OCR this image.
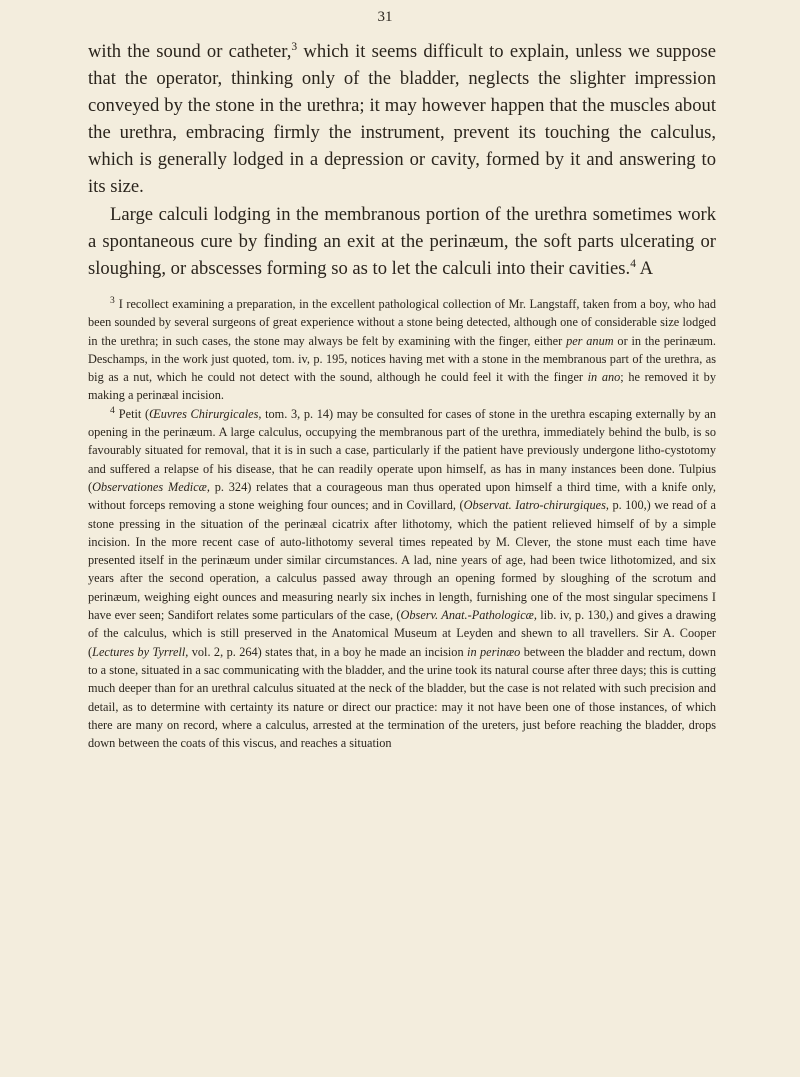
31

with the sound or catheter,$^3$ which it seems difficult to explain, unless we suppose that the operator, thinking only of the bladder, neglects the slighter impression conveyed by the stone in the urethra; it may however happen that the muscles about the urethra, embracing firmly the instrument, prevent its touching the calculus, which is generally lodged in a depression or cavity, formed by it and answering to its size.

Large calculi lodging in the membranous portion of the urethra sometimes work a spontaneous cure by finding an exit at the perinæum, the soft parts ulcerating or sloughing, or abscesses forming so as to let the calculi into their cavities.$^4$ A

$^3$ I recollect examining a preparation, in the excellent pathological collection of Mr. Langstaff, taken from a boy, who had been sounded by several surgeons of great experience without a stone being detected, although one of considerable size lodged in the urethra; in such cases, the stone may always be felt by examining with the finger, either per anum or in the perinæum. Deschamps, in the work just quoted, tom. iv, p. 195, notices having met with a stone in the membranous part of the urethra, as big as a nut, which he could not detect with the sound, although he could feel it with the finger in ano; he removed it by making a perinæal incision.

$^4$ Petit (Œuvres Chirurgicales, tom. 3, p. 14) may be consulted for cases of stone in the urethra escaping externally by an opening in the perinæum. A large calculus, occupying the membranous part of the urethra, immediately behind the bulb, is so favourably situated for removal, that it is in such a case, particularly if the patient have previously undergone litho-cystotomy and suffered a relapse of his disease, that he can readily operate upon himself, as has in many instances been done. Tulpius (Observationes Medicæ, p. 324) relates that a courageous man thus operated upon himself a third time, with a knife only, without forceps removing a stone weighing four ounces; and in Covillard, (Observat. Iatro-chirurgiques, p. 100,) we read of a stone pressing in the situation of the perinæal cicatrix after lithotomy, which the patient relieved himself of by a simple incision. In the more recent case of auto-lithotomy several times repeated by M. Clever, the stone must each time have presented itself in the perinæum under similar circumstances. A lad, nine years of age, had been twice lithotomized, and six years after the second operation, a calculus passed away through an opening formed by sloughing of the scrotum and perinæum, weighing eight ounces and measuring nearly six inches in length, furnishing one of the most singular specimens I have ever seen; Sandifort relates some particulars of the case, (Observ. Anat.-Pathologicæ, lib. iv, p. 130,) and gives a drawing of the calculus, which is still preserved in the Anatomical Museum at Leyden and shewn to all travellers. Sir A. Cooper (Lectures by Tyrrell, vol. 2, p. 264) states that, in a boy he made an incision in perinæo between the bladder and rectum, down to a stone, situated in a sac communicating with the bladder, and the urine took its natural course after three days; this is cutting much deeper than for an urethral calculus situated at the neck of the bladder, but the case is not related with such precision and detail, as to determine with certainty its nature or direct our practice: may it not have been one of those instances, of which there are many on record, where a calculus, arrested at the termination of the ureters, just before reaching the bladder, drops down between the coats of this viscus, and reaches a situation
